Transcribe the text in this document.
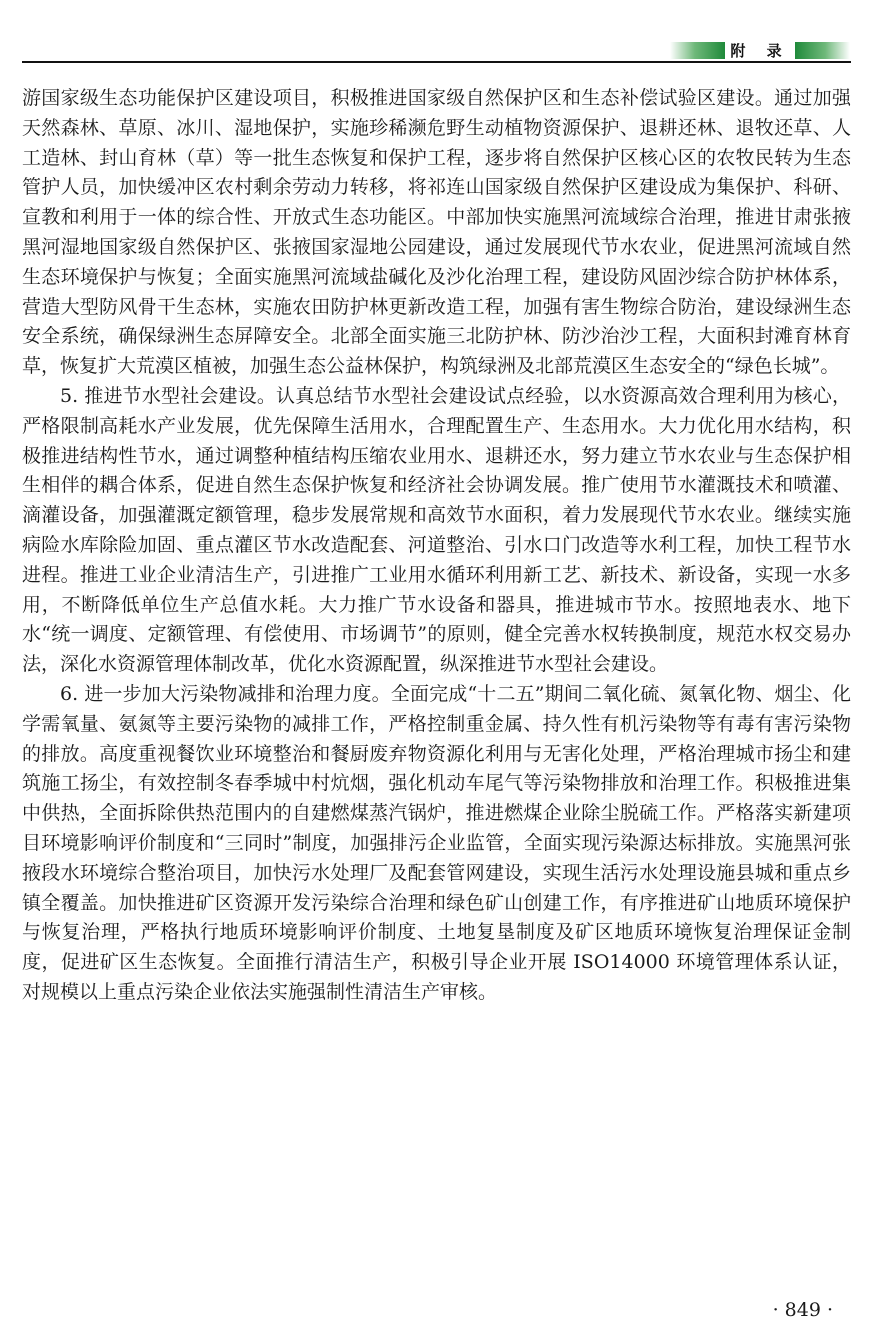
附 录

游国家级生态功能保护区建设项目，积极推进国家级自然保护区和生态补偿试验区建设。通过加强天然森林、草原、冰川、湿地保护，实施珍稀濒危野生动植物资源保护、退耕还林、退牧还草、人工造林、封山育林（草）等一批生态恢复和保护工程，逐步将自然保护区核心区的农牧民转为生态管护人员，加快缓冲区农村剩余劳动力转移，将祁连山国家级自然保护区建设成为集保护、科研、宣教和利用于一体的综合性、开放式生态功能区。中部加快实施黑河流域综合治理，推进甘肃张掖黑河湿地国家级自然保护区、张掖国家湿地公园建设，通过发展现代节水农业，促进黑河流域自然生态环境保护与恢复；全面实施黑河流域盐碱化及沙化治理工程，建设防风固沙综合防护林体系，营造大型防风骨干生态林，实施农田防护林更新改造工程，加强有害生物综合防治，建设绿洲生态安全系统，确保绿洲生态屏障安全。北部全面实施三北防护林、防沙治沙工程，大面积封滩育林育草，恢复扩大荒漠区植被，加强生态公益林保护，构筑绿洲及北部荒漠区生态安全的“绿色长城”。

5. 推进节水型社会建设。认真总结节水型社会建设试点经验，以水资源高效合理利用为核心，严格限制高耗水产业发展，优先保障生活用水，合理配置生产、生态用水。大力优化用水结构，积极推进结构性节水，通过调整种植结构压缩农业用水、退耕还水，努力建立节水农业与生态保护相生相伴的耦合体系，促进自然生态保护恢复和经济社会协调发展。推广使用节水灌溉技术和喷灌、滴灌设备，加强灌溉定额管理，稳步发展常规和高效节水面积，着力发展现代节水农业。继续实施病险水库除险加固、重点灌区节水改造配套、河道整治、引水口门改造等水利工程，加快工程节水进程。推进工业企业清洁生产，引进推广工业用水循环利用新工艺、新技术、新设备，实现一水多用，不断降低单位生产总值水耗。大力推广节水设备和器具，推进城市节水。按照地表水、地下水“统一调度、定额管理、有偿使用、市场调节”的原则，健全完善水权转换制度，规范水权交易办法，深化水资源管理体制改革，优化水资源配置，纵深推进节水型社会建设。

6. 进一步加大污染物减排和治理力度。全面完成“十二五”期间二氧化硫、氮氧化物、烟尘、化学需氧量、氨氮等主要污染物的减排工作，严格控制重金属、持久性有机污染物等有毒有害污染物的排放。高度重视餐饮业环境整治和餐厨废弃物资源化利用与无害化处理，严格治理城市扬尘和建筑施工扬尘，有效控制冬春季城中村炕烟，强化机动车尾气等污染物排放和治理工作。积极推进集中供热，全面拆除供热范围内的自建燃煤蒸汽锅炉，推进燃煤企业除尘脱硫工作。严格落实新建项目环境影响评价制度和“三同时”制度，加强排污企业监管，全面实现污染源达标排放。实施黑河张掖段水环境综合整治项目，加快污水处理厂及配套管网建设，实现生活污水处理设施县城和重点乡镇全覆盖。加快推进矿区资源开发污染综合治理和绿色矿山创建工作，有序推进矿山地质环境保护与恢复治理，严格执行地质环境影响评价制度、土地复垦制度及矿区地质环境恢复治理保证金制度，促进矿区生态恢复。全面推行清洁生产，积极引导企业开展 ISO14000 环境管理体系认证，对规模以上重点污染企业依法实施强制性清洁生产审核。

· 849 ·
